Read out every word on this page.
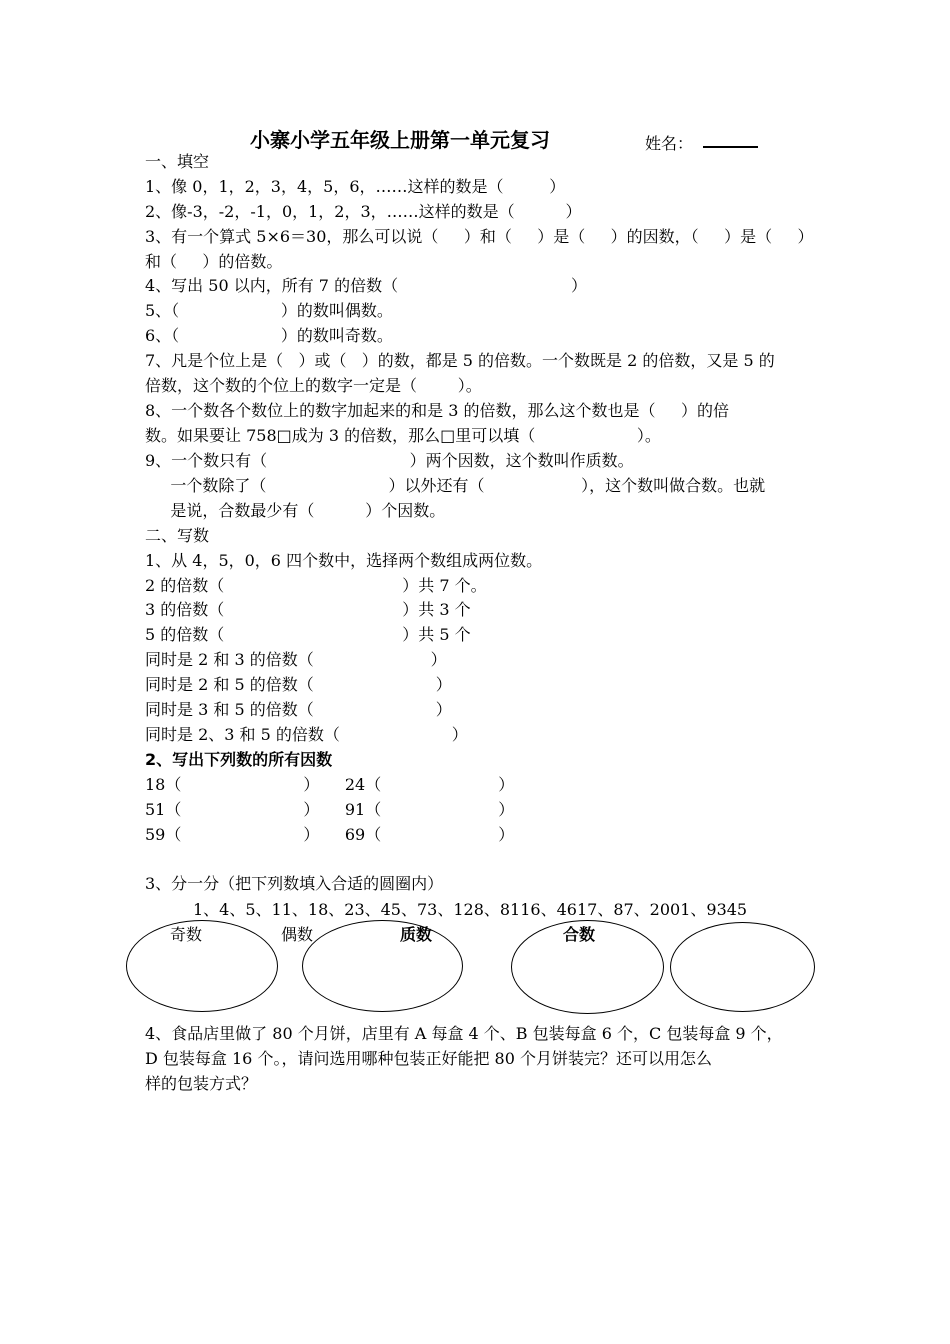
小寨小学五年级上册第一单元复习	姓名：
一、填空
1、像 0，1，2，3，4，5，6，……这样的数是（         ）
2、像-3，-2，-1，0，1，2，3，……这样的数是（          ）
3、有一个算式 5×6＝30，那么可以说（     ）和（     ）是（     ）的因数，（     ）是（     ）
和（     ）的倍数。
4、写出 50 以内，所有 7 的倍数（                                  ）
5、（                    ）的数叫偶数。
6、（                    ）的数叫奇数。
7、凡是个位上是（   ）或（   ）的数，都是 5 的倍数。一个数既是 2 的倍数，又是 5 的
倍数，这个数的个位上的数字一定是（        ）。
8、一个数各个数位上的数字加起来的和是 3 的倍数，那么这个数也是（     ）的倍
数。如果要让 758□成为 3 的倍数，那么□里可以填（                    ）。
9、一个数只有（                            ）两个因数，这个数叫作质数。
一个数除了（                        ）以外还有（                   ），这个数叫做合数。也就
是说，合数最少有（          ）个因数。
二、写数
1、从 4，5，0，6 四个数中，选择两个数组成两位数。
2 的倍数（                                   ）共 7 个。
3 的倍数（                                   ）共 3 个
5 的倍数（                                   ）共 5 个
同时是 2 和 3 的倍数（                       ）
同时是 2 和 5 的倍数（                        ）
同时是 3 和 5 的倍数（                        ）
同时是 2、3 和 5 的倍数（                      ）
2、写出下列数的所有因数
18（                        ）     24（                       ）
51（                        ）     91（                       ）
59（                        ）     69（                       ）
3、分一分（把下列数填入合适的圆圈内）
1、4、5、11、18、23、45、73、128、8116、4617、87、2001、9345
奇数	偶数	质数	合数
4、食品店里做了 80 个月饼，店里有 A 每盒 4 个、B 包装每盒 6 个，C 包装每盒 9 个，
D 包装每盒 16 个。，请问选用哪种包装正好能把 80 个月饼装完？还可以用怎么
样的包装方式？
